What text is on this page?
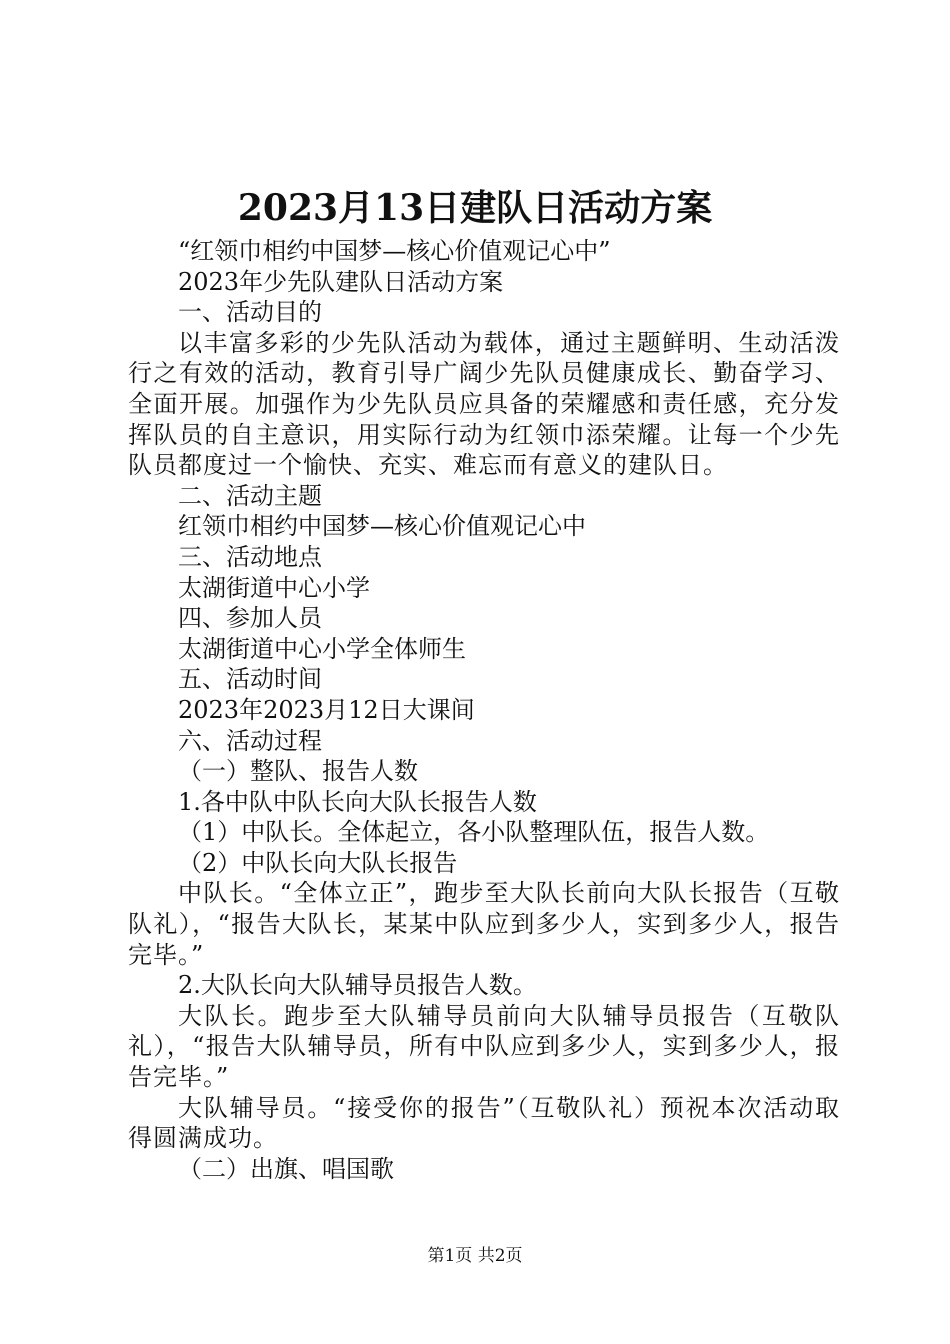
2023月13日建队日活动方案

“红领巾相约中国梦—核心价值观记心中”

2023年少先队建队日活动方案

一、活动目的

以丰富多彩的少先队活动为载体，通过主题鲜明、生动活泼行之有效的活动，教育引导广阔少先队员健康成长、勤奋学习、全面开展。加强作为少先队员应具备的荣耀感和责任感，充分发挥队员的自主意识，用实际行动为红领巾添荣耀。让每一个少先队员都度过一个愉快、充实、难忘而有意义的建队日。

二、活动主题

红领巾相约中国梦—核心价值观记心中

三、活动地点

太湖街道中心小学

四、参加人员

太湖街道中心小学全体师生

五、活动时间

2023年2023月12日大课间

六、活动过程

（一）整队、报告人数

1.各中队中队长向大队长报告人数

（1）中队长。全体起立，各小队整理队伍，报告人数。

（2）中队长向大队长报告

中队长。“全体立正”，跑步至大队长前向大队长报告（互敬队礼），“报告大队长，某某中队应到多少人，实到多少人，报告完毕。”

2.大队长向大队辅导员报告人数。

大队长。跑步至大队辅导员前向大队辅导员报告（互敬队礼），“报告大队辅导员，所有中队应到多少人，实到多少人，报告完毕。”

大队辅导员。“接受你的报告”（互敬队礼）预祝本次活动取得圆满成功。

（二）出旗、唱国歌

第1页 共2页
